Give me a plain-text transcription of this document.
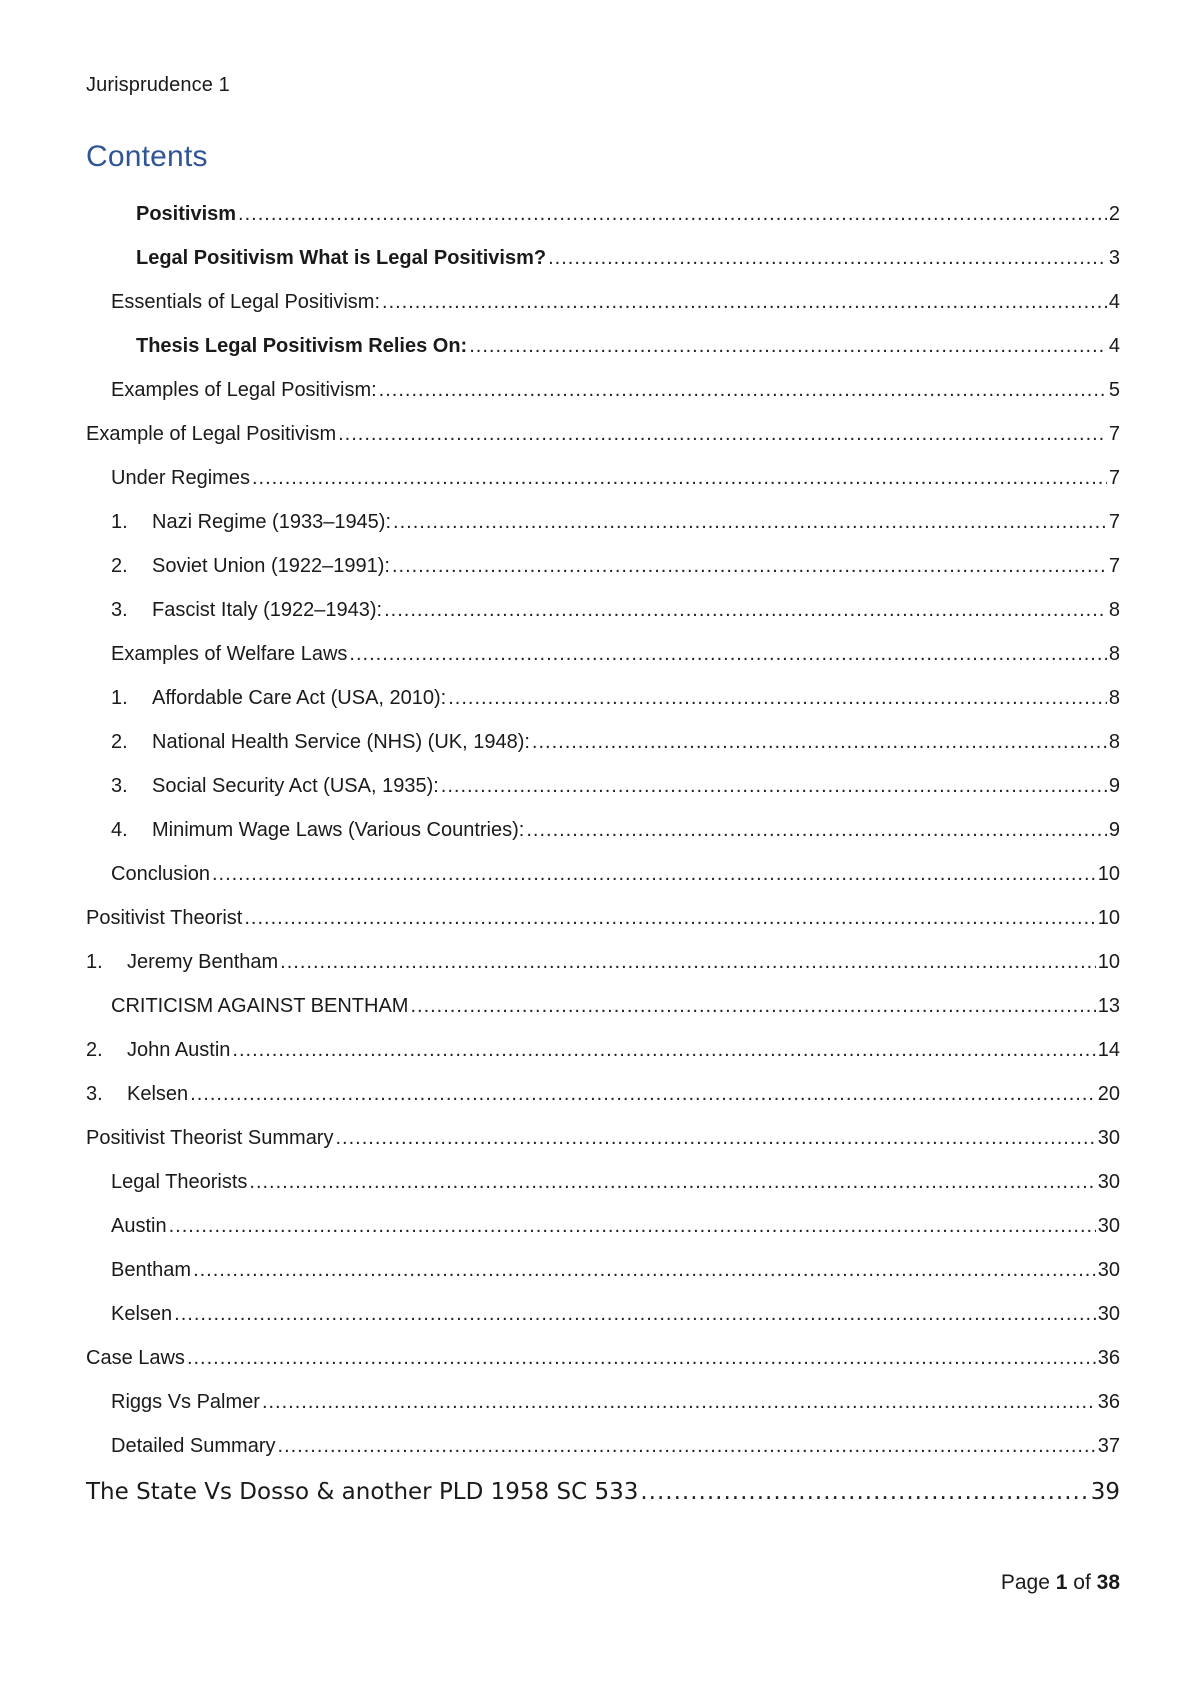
Jurisprudence 1
Contents
Positivism .....	2
Legal Positivism What is Legal Positivism? .....	3
Essentials of Legal Positivism: .....	4
Thesis Legal Positivism Relies On: .....	4
Examples of Legal Positivism: .....	5
Example of Legal Positivism .....	7
Under Regimes .....	7
1.	Nazi Regime (1933–1945): .....	7
2.	Soviet Union (1922–1991): .....	7
3.	Fascist Italy (1922–1943): .....	8
Examples of Welfare Laws .....	8
1.	Affordable Care Act (USA, 2010): .....	8
2.	National Health Service (NHS) (UK, 1948): .....	8
3.	Social Security Act (USA, 1935): .....	9
4.	Minimum Wage Laws (Various Countries): .....	9
Conclusion .....	10
Positivist Theorist .....	10
1.	Jeremy Bentham .....	10
CRITICISM AGAINST BENTHAM .....	13
2.	John Austin .....	14
3.	Kelsen .....	20
Positivist Theorist Summary .....	30
Legal Theorists .....	30
Austin .....	30
Bentham .....	30
Kelsen .....	30
Case Laws .....	36
Riggs Vs Palmer .....	36
Detailed Summary .....	37
The State Vs Dosso & another PLD 1958 SC 533 .....	39
Page 1 of 38
